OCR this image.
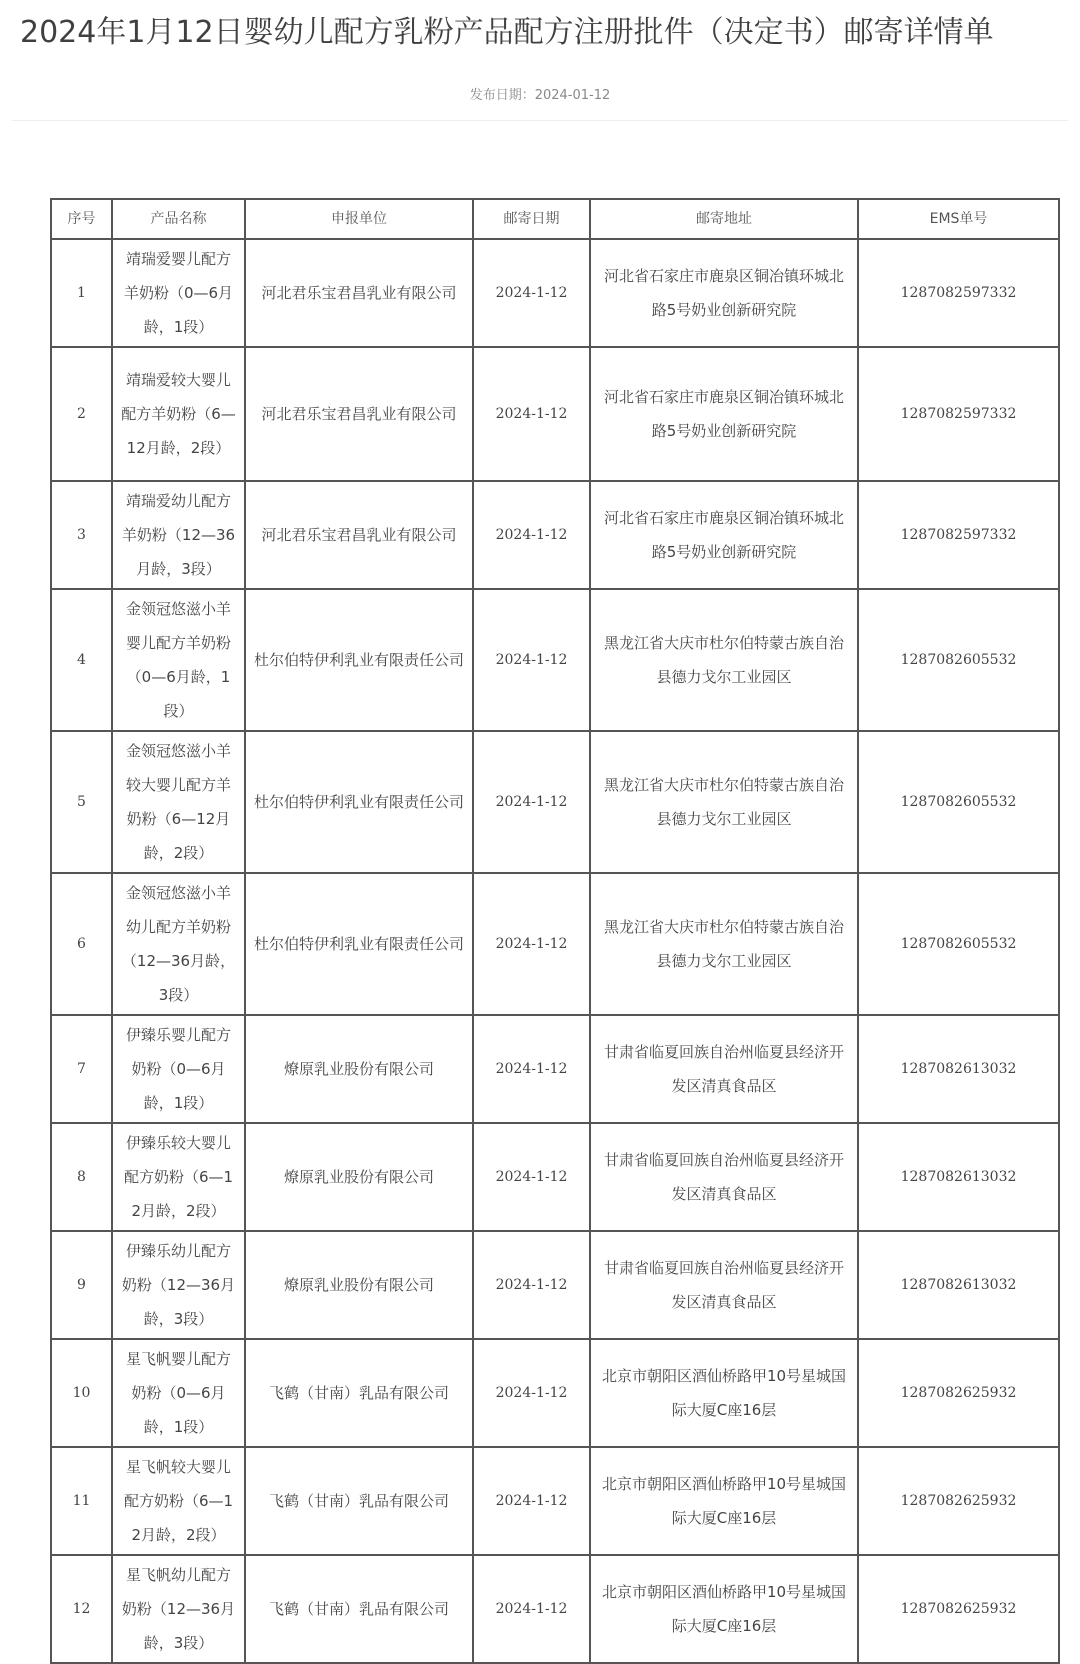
2024年1月12日婴幼儿配方乳粉产品配方注册批件（决定书）邮寄详情单
发布日期：2024-01-12
序号	产品名称	申报单位	邮寄日期	邮寄地址	EMS单号
1	靖瑞爱婴儿配方羊奶粉（0—6月龄，1段）	河北君乐宝君昌乳业有限公司	2024-1-12	河北省石家庄市鹿泉区铜冶镇环城北路5号奶业创新研究院	1287082597332
2	靖瑞爱较大婴儿配方羊奶粉（6—12月龄，2段）	河北君乐宝君昌乳业有限公司	2024-1-12	河北省石家庄市鹿泉区铜冶镇环城北路5号奶业创新研究院	1287082597332
3	靖瑞爱幼儿配方羊奶粉（12—36月龄，3段）	河北君乐宝君昌乳业有限公司	2024-1-12	河北省石家庄市鹿泉区铜冶镇环城北路5号奶业创新研究院	1287082597332
4	金领冠悠滋小羊婴儿配方羊奶粉（0—6月龄，1段）	杜尔伯特伊利乳业有限责任公司	2024-1-12	黑龙江省大庆市杜尔伯特蒙古族自治县德力戈尔工业园区	1287082605532
5	金领冠悠滋小羊较大婴儿配方羊奶粉（6—12月龄，2段）	杜尔伯特伊利乳业有限责任公司	2024-1-12	黑龙江省大庆市杜尔伯特蒙古族自治县德力戈尔工业园区	1287082605532
6	金领冠悠滋小羊幼儿配方羊奶粉（12—36月龄，3段）	杜尔伯特伊利乳业有限责任公司	2024-1-12	黑龙江省大庆市杜尔伯特蒙古族自治县德力戈尔工业园区	1287082605532
7	伊臻乐婴儿配方奶粉（0—6月龄，1段）	燎原乳业股份有限公司	2024-1-12	甘肃省临夏回族自治州临夏县经济开发区清真食品区	1287082613032
8	伊臻乐较大婴儿配方奶粉（6—12月龄，2段）	燎原乳业股份有限公司	2024-1-12	甘肃省临夏回族自治州临夏县经济开发区清真食品区	1287082613032
9	伊臻乐幼儿配方奶粉（12—36月龄，3段）	燎原乳业股份有限公司	2024-1-12	甘肃省临夏回族自治州临夏县经济开发区清真食品区	1287082613032
10	星飞帆婴儿配方奶粉（0—6月龄，1段）	飞鹤（甘南）乳品有限公司	2024-1-12	北京市朝阳区酒仙桥路甲10号星城国际大厦C座16层	1287082625932
11	星飞帆较大婴儿配方奶粉（6—12月龄，2段）	飞鹤（甘南）乳品有限公司	2024-1-12	北京市朝阳区酒仙桥路甲10号星城国际大厦C座16层	1287082625932
12	星飞帆幼儿配方奶粉（12—36月龄，3段）	飞鹤（甘南）乳品有限公司	2024-1-12	北京市朝阳区酒仙桥路甲10号星城国际大厦C座16层	1287082625932
